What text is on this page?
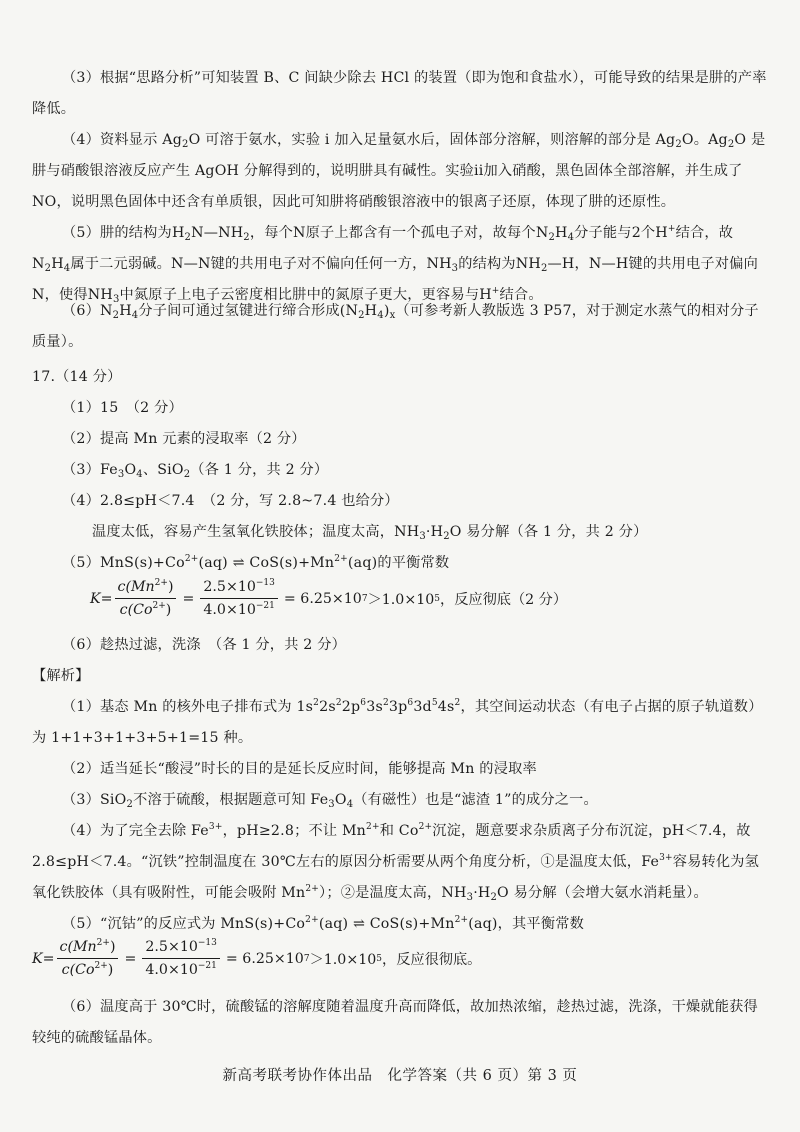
（3）根据“思路分析”可知装置 B、C 间缺少除去 HCl 的装置（即为饱和食盐水），可能导致的结果是肼的产率降低。
（4）资料显示 $Ag_2O$ 可溶于氨水，实验 i 加入足量氨水后，固体部分溶解，则溶解的部分是 $Ag_2O$。$Ag_2O$ 是肼与硝酸银溶液反应产生 AgOH 分解得到的，说明肼具有碱性。实验ii加入硝酸，黑色固体全部溶解，并生成了 NO，说明黑色固体中还含有单质银，因此可知肼将硝酸银溶液中的银离子还原，体现了肼的还原性。
（5）肼的结构为$H_2N—NH_2$，每个N原子上都含有一个孤电子对，故每个$N_2H_4$分子能与2个H+结合，故$N_2H_4$属于二元弱碱。N—N键的共用电子对不偏向任何一方，$NH_3$的结构为$NH_2—H$，N—H键的共用电子对偏向N，使得$NH_3$中氮原子上电子云密度相比肼中的氮原子更大，更容易与H+结合。
$(6)N_2H_4$分子间可通过氢键进行缔合形成$(N_2H_4)_x$（可参考新人教版选 3 P57，对于测定水蒸气的相对分子质量）。
17.（14 分）
（1）15　（2 分）
（2）提高 Mn 元素的浸取率（2 分）
$(3)Fe_3O_4$、SiO$_2$（各 1 分，共 2 分）
（4）2.8≤pH＜7.4　（2 分，写 2.8~7.4 也给分）
温度太低，容易产生氢氧化铁胶体；温度太高，$NH_3\cdot H_2O$ 易分解（各 1 分，共 2 分）
$(5)MnS(s)+Co^{2+}(aq)$ ⇌ $CoS(s)+Mn^{2+}(aq)$的平衡常数
$K= \frac{c(Mn^{2+})}{c(Co^{2+})} = \frac{2.5\times 10^{-13}}{4.0\times 10^{-21}} = 6.25\times 10$ 7 ＞1.0×10 5 ， 反应彻底（2 分）
（6）趁热过滤，洗涤　（各 1 分，共 2 分）
【解析】
（1）基态 Mn 的核外电子排布式为 $1s^22s^22p^63s^23p^63d^54s^2$，其空间运动状态（有电子占据的原子轨道数）为 1+1+3+1+3+5+1=15 种。
（2）适当延长“酸浸”时长的目的是延长反应时间，能够提高 Mn 的浸取率
（3）SiO$_2$不溶于硫酸，根据题意可知 $Fe_3O_4$（有磁性）也是“滤渣 1”的成分之一。
（4）为了完全去除 $Fe^{3+}$，pH≥2.8；不让 $Mn^{2+}$和 $Co^{2+}$沉淀，题意要求杂质离子分布沉淀，pH＜7.4，故 2.8≤pH＜7.4。“沉铁”控制温度在 30℃左右的原因分析需要从两个角度分析，①是温度太低，$Fe^{3+}$容易转化为氢氧化铁胶体（具有吸附性，可能会吸附 $Mn^{2+}$）；②是温度太高，$NH_3\cdot H_2O$ 易分解（会增大氨水消耗量）。
（5）“沉钴”的反应式为 $MnS(s)+Co^{2+}(aq)$ ⇌ $CoS(s)+Mn^{2+}(aq)$，其平衡常数
$K= \frac{c(Mn^{2+})}{c(Co^{2+})} = \frac{2.5\times 10^{-13}}{4.0\times 10^{-21}} = 6.25\times 10$ 7 ＞1.0×10 5 ， 反应很彻底。
（6）温度高于 30℃时，硫酸锰的溶解度随着温度升高而降低，故加热浓缩，趁热过滤，洗涤，干燥就能获得较纯的硫酸锰晶体。
新高考联考协作体出品　化学答案（共 6 页）第 3 页
